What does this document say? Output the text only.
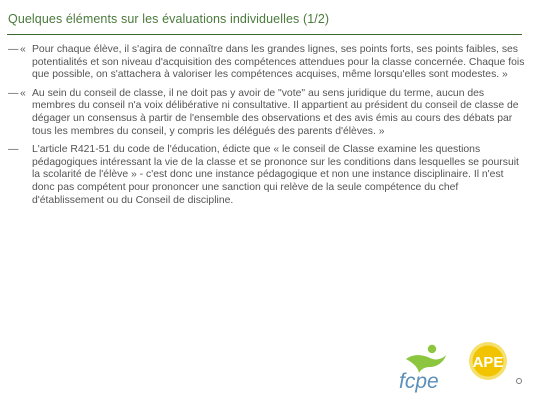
Quelques éléments sur les évaluations individuelles (1/2)
— « Pour chaque élève, il s'agira de connaître dans les grandes lignes, ses points forts, ses points faibles, ses potentialités et son niveau d'acquisition des compétences attendues pour la classe concernée. Chaque fois que possible, on s'attachera à valoriser les compétences acquises, même lorsqu'elles sont modestes. »
— « Au sein du conseil de classe, il ne doit pas y avoir de "vote" au sens juridique du terme, aucun des membres du conseil n'a voix délibérative ni consultative. Il appartient au président du conseil de classe de dégager un consensus à partir de l'ensemble des observations et des avis émis au cours des débats par tous les membres du conseil, y compris les délégués des parents d'élèves. »
— L'article R421-51 du code de l'éducation, édicte que « le conseil de Classe examine les questions pédagogiques intéressant la vie de la classe et se prononce sur les conditions dans lesquelles se poursuit la scolarité de l'élève » - c'est donc une instance pédagogique et non une instance disciplinaire. Il n'est donc pas compétent pour prononcer une sanction qui relève de la seule compétence du chef d'établissement ou du Conseil de discipline.
fcpe
APE
